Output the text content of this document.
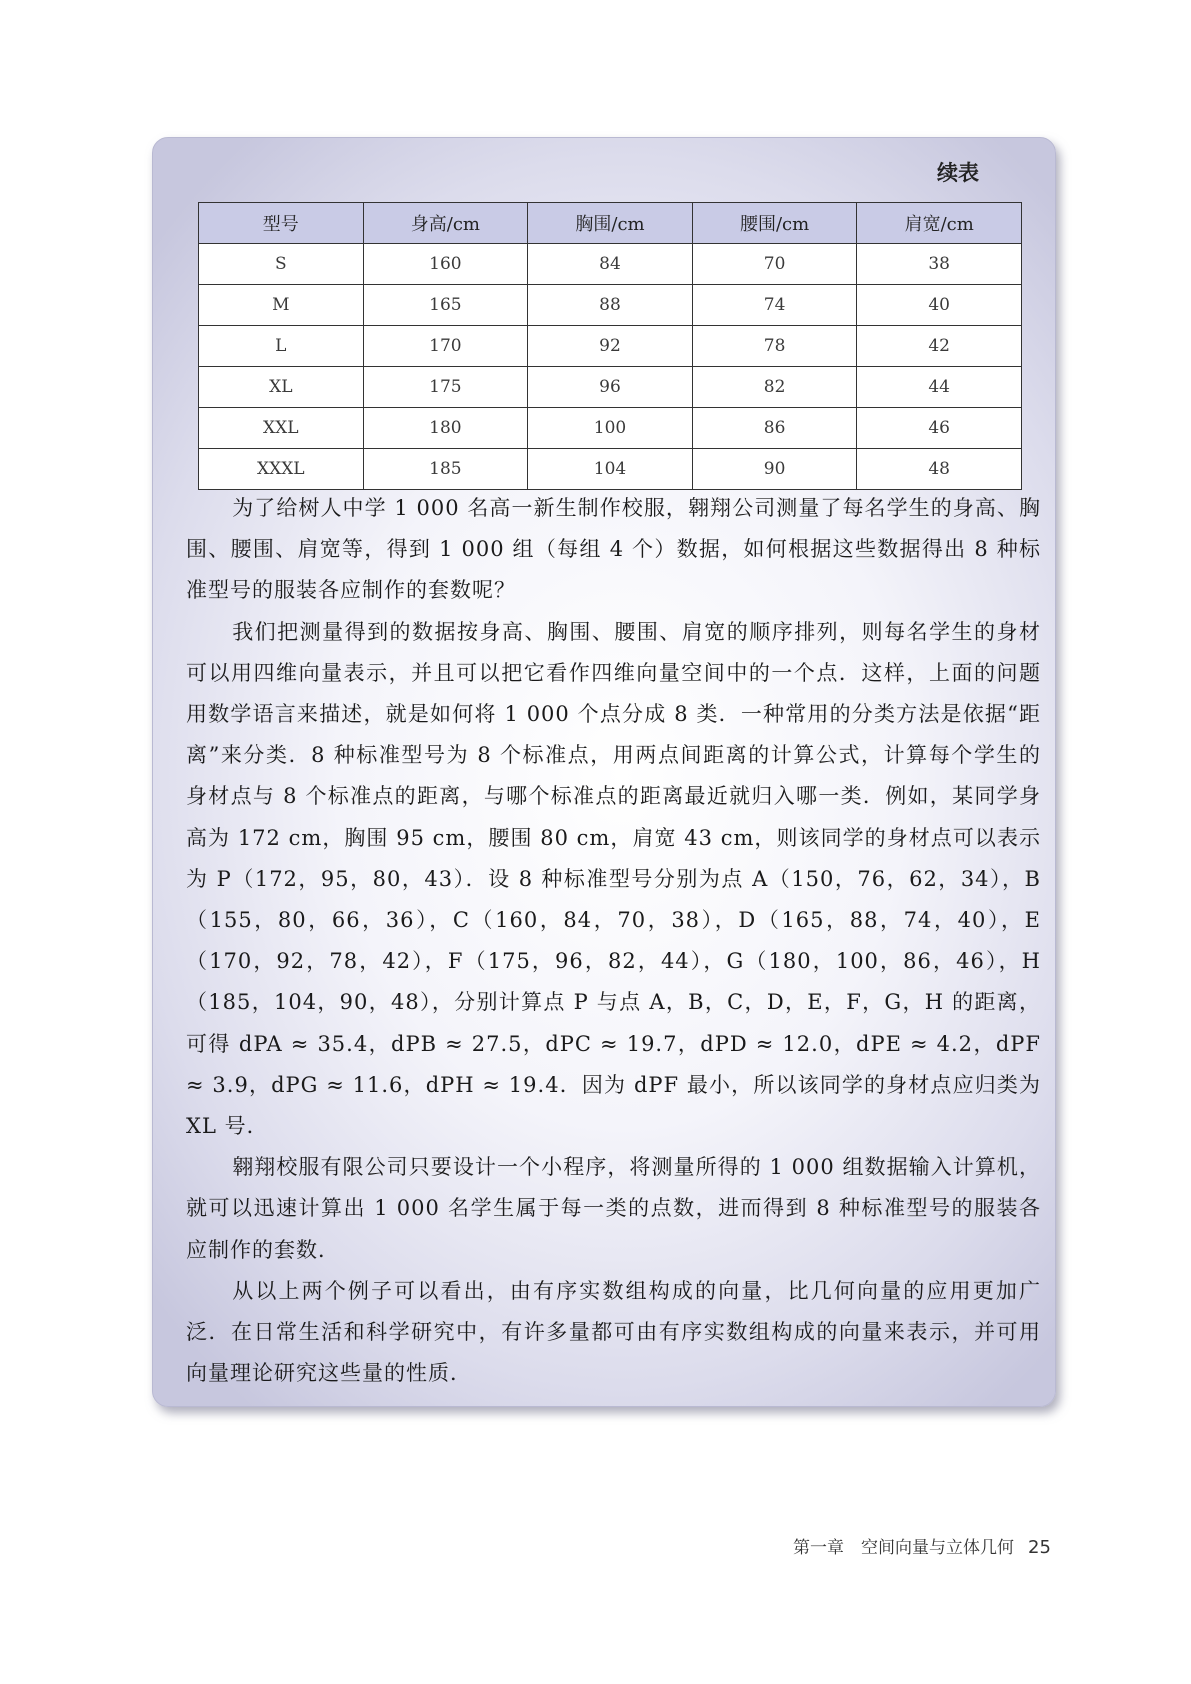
续表
型号	身高/cm	胸围/cm	腰围/cm	肩宽/cm
S	160	84	70	38
M	165	88	74	40
L	170	92	78	42
XL	175	96	82	44
XXL	180	100	86	46
XXXL	185	104	90	48

为了给树人中学 1 000 名高一新生制作校服，翱翔公司测量了每名学生的身高、胸围、腰围、肩宽等，得到 1 000 组（每组 4 个）数据，如何根据这些数据得出 8 种标准型号的服装各应制作的套数呢？

我们把测量得到的数据按身高、胸围、腰围、肩宽的顺序排列，则每名学生的身材可以用四维向量表示，并且可以把它看作四维向量空间中的一个点．这样，上面的问题用数学语言来描述，就是如何将 1 000 个点分成 8 类．一种常用的分类方法是依据“距离”来分类．8 种标准型号为 8 个标准点，用两点间距离的计算公式，计算每个学生的身材点与 8 个标准点的距离，与哪个标准点的距离最近就归入哪一类．例如，某同学身高为 172 cm，胸围 95 cm，腰围 80 cm，肩宽 43 cm，则该同学的身材点可以表示为 P（172，95，80，43）．设 8 种标准型号分别为点 A（150，76，62，34），B（155，80，66，36），C（160，84，70，38），D（165，88，74，40），E（170，92，78，42），F（175，96，82，44），G（180，100，86，46），H（185，104，90，48），分别计算点 P 与点 A，B，C，D，E，F，G，H 的距离，可得 dPA ≈ 35.4，dPB ≈ 27.5，dPC ≈ 19.7，dPD ≈ 12.0，dPE ≈ 4.2，dPF ≈ 3.9，dPG ≈ 11.6，dPH ≈ 19.4．因为 dPF 最小，所以该同学的身材点应归类为 XL 号．

翱翔校服有限公司只要设计一个小程序，将测量所得的 1 000 组数据输入计算机，就可以迅速计算出 1 000 名学生属于每一类的点数，进而得到 8 种标准型号的服装各应制作的套数．

从以上两个例子可以看出，由有序实数组构成的向量，比几何向量的应用更加广泛．在日常生活和科学研究中，有许多量都可由有序实数组构成的向量来表示，并可用向量理论研究这些量的性质．

第一章　空间向量与立体几何 25
